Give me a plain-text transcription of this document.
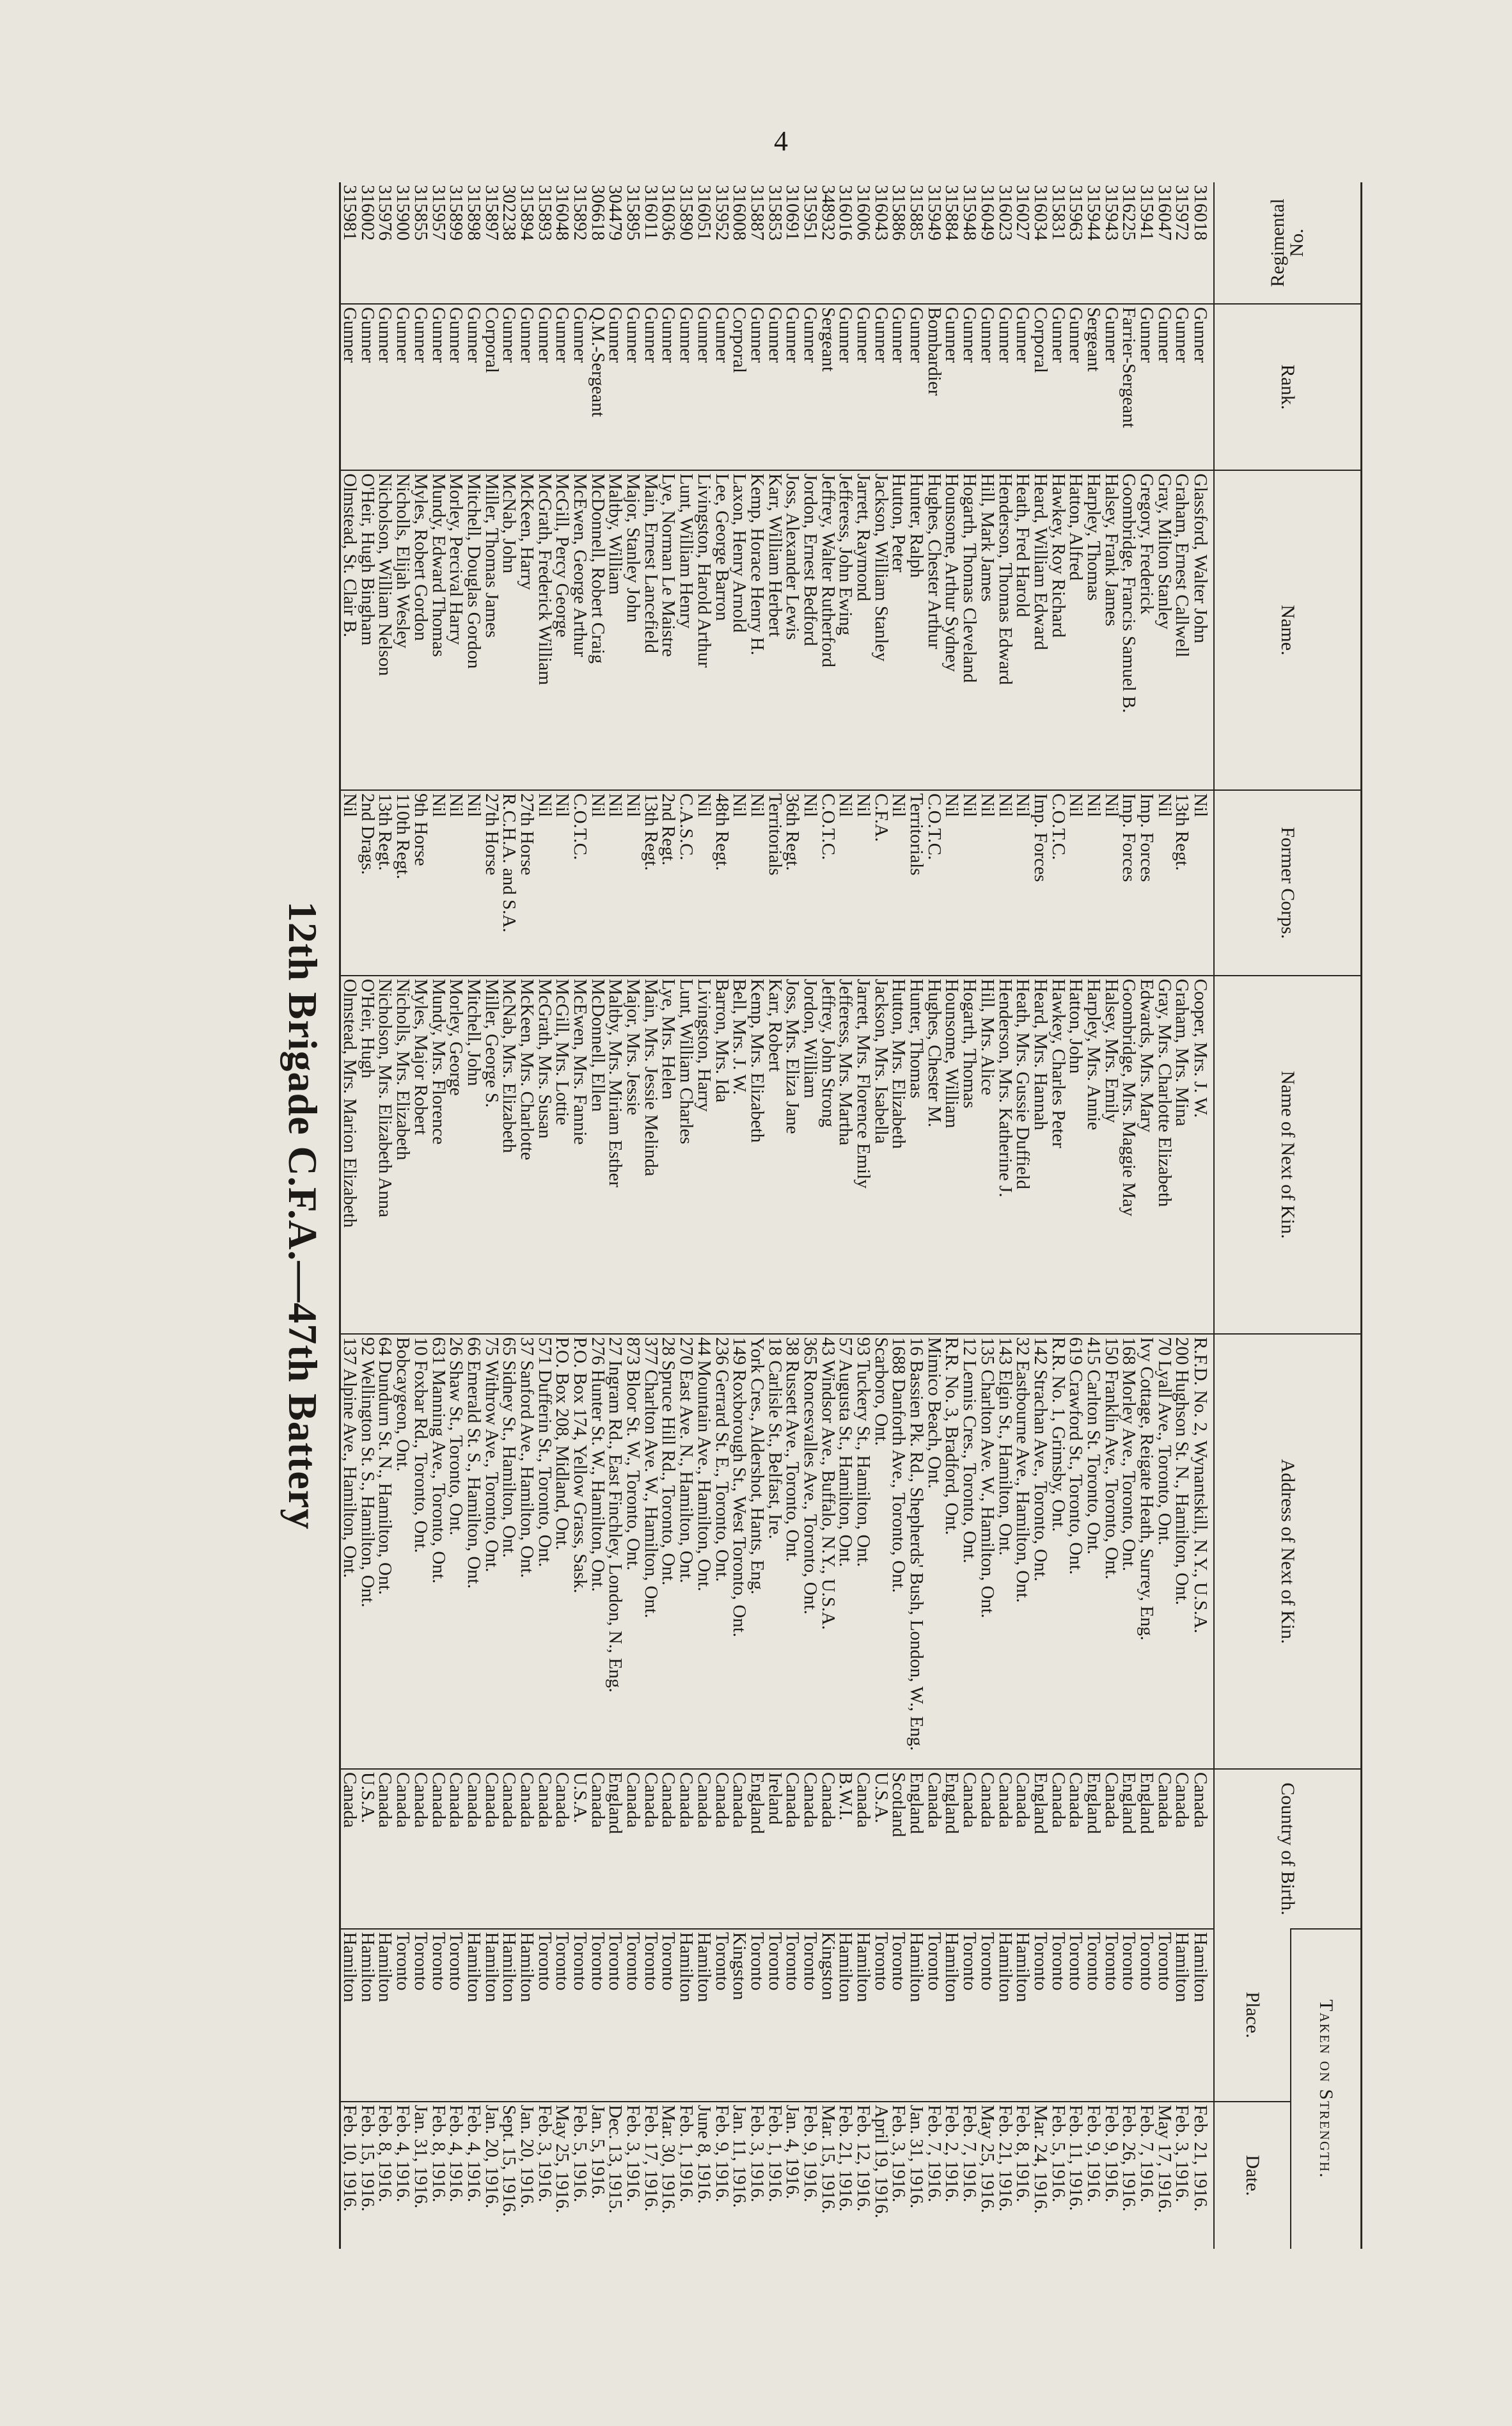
4
Regimental No.	Rank.	Name.	Former Corps.	Name of Next of Kin.	Address of Next of Kin.	Country of Birth.	Taken on Strength.	
							Place.	Date.
316018	Gunner	Glassford, Walter John	Nil	Cooper, Mrs. J. W.	R.F.D. No. 2, Wynantskill, N.Y., U.S.A.	Canada	Hamilton	Feb. 21, 1916.
315972	Gunner	Graham, Ernest Callwell	13th Regt.	Graham, Mrs. Mina	200 Hughson St. N., Hamilton, Ont.	Canada	Hamilton	Feb. 3, 1916.
316047	Gunner	Gray, Milton Stanley	Nil	Gray, Mrs. Charlotte Elizabeth	70 Lyall Ave., Toronto, Ont.	Canada	Toronto	May 17, 1916.
315941	Gunner	Gregory, Frederick	Imp. Forces	Edwards, Mrs. Mary	Ivy Cottage, Reigate Heath, Surrey, Eng.	England	Toronto	Feb. 7, 1916.
316225	Farrier-Sergeant	Goombridge, Francis Samuel B.	Imp. Forces	Goombridge, Mrs. Maggie May	168 Morley Ave., Toronto, Ont.	England	Toronto	Feb. 26, 1916.
315943	Gunner	Halsey, Frank James	Nil	Halsey, Mrs. Emily	150 Franklin Ave., Toronto, Ont.	Canada	Toronto	Feb. 9, 1916.
315944	Sergeant	Harpley, Thomas	Nil	Harpley, Mrs. Annie	415 Carlton St. Toronto, Ont.	England	Toronto	Feb. 9, 1916.
315963	Gunner	Hatton, Alfred	Nil	Hatton, John	619 Crawford St., Toronto, Ont.	Canada	Toronto	Feb. 11, 1916.
315831	Gunner	Hawkey, Roy Richard	C.O.T.C.	Hawkey, Charles Peter	R.R. No. 1, Grimsby, Ont.	Canada	Toronto	Feb. 5, 1916.
316034	Corporal	Heard, William Edward	Imp. Forces	Heard, Mrs. Hannah	142 Strachan Ave., Toronto, Ont.	England	Toronto	Mar. 24, 1916.
316027	Gunner	Heath, Fred Harold	Nil	Heath, Mrs. Gussie Duffield	32 Eastbourne Ave., Hamilton, Ont.	Canada	Hamilton	Feb. 8, 1916.
316023	Gunner	Henderson, Thomas Edward	Nil	Henderson, Mrs. Katherine J.	143 Elgin St., Hamilton, Ont.	Canada	Hamilton	Feb. 21, 1916.
316049	Gunner	Hill, Mark James	Nil	Hill, Mrs. Alice	135 Charlton Ave. W., Hamilton, Ont.	Canada	Toronto	May 25, 1916.
315948	Gunner	Hogarth, Thomas Cleveland	Nil	Hogarth, Thomas	12 Lennis Cres., Toronto, Ont.	Canada	Toronto	Feb. 7, 1916.
315884	Gunner	Hounsome, Arthur Sydney	Nil	Hounsome, William	R.R. No. 3, Bradford, Ont.	England	Hamilton	Feb. 2, 1916.
315949	Bombardier	Hughes, Chester Arthur	C.O.T.C.	Hughes, Chester M.	Mimico Beach, Ont.	Canada	Toronto	Feb. 7, 1916.
315885	Gunner	Hunter, Ralph	Territorials	Hunter, Thomas	16 Bassien Pk. Rd., Shepherds' Bush, London, W., Eng.	England	Hamilton	Jan. 31, 1916.
315886	Gunner	Hutton, Peter	Nil	Hutton, Mrs. Elizabeth	1688 Danforth Ave., Toronto, Ont.	Scotland	Toronto	Feb. 3, 1916.
316043	Gunner	Jackson, William Stanley	C.F.A.	Jackson, Mrs. Isabella	Scarboro, Ont.	U.S.A.	Toronto	April 19, 1916.
316006	Gunner	Jarrett, Raymond	Nil	Jarrett, Mrs. Florence Emily	93 Tuckery St., Hamilton, Ont.	Canada	Hamilton	Feb. 12, 1916.
316016	Gunner	Jefferess, John Ewing	Nil	Jefferess, Mrs. Martha	57 Augusta St., Hamilton, Ont.	B.W.I.	Hamilton	Feb. 21, 1916.
348932	Sergeant	Jeffrey, Walter Rutherford	C.O.T.C.	Jeffrey, John Strong	43 Windsor Ave., Buffalo, N.Y., U.S.A.	Canada	Kingston	Mar. 15, 1916.
315951	Gunner	Jordon, Ernest Bedford	Nil	Jordon, William	365 Roncesvalles Ave., Toronto, Ont.	Canada	Toronto	Feb. 9, 1916.
310691	Gunner	Joss, Alexander Lewis	36th Regt.	Joss, Mrs. Eliza Jane	38 Russett Ave., Toronto, Ont.	Canada	Toronto	Jan. 4, 1916.
315853	Gunner	Karr, William Herbert	Territorials	Karr, Robert	18 Carlisle St., Belfast, Ire.	Ireland	Toronto	Feb. 1, 1916.
315887	Gunner	Kemp, Horace Henry H.	Nil	Kemp, Mrs. Elizabeth	York Cres., Aldershot, Hants, Eng.	England	Toronto	Feb. 3, 1916.
316008	Corporal	Laxon, Henry Arnold	Nil	Bell, Mrs. J. W.	149 Roxborough St., West Toronto, Ont.	Canada	Kingston	Jan. 11, 1916.
315952	Gunner	Lee, George Barron	48th Regt.	Barron, Mrs. Ida	236 Gerrard St. E., Toronto, Ont.	Canada	Toronto	Feb. 9, 1916.
316051	Gunner	Livingston, Harold Arthur	Nil	Livingston, Harry	44 Mountain Ave., Hamilton, Ont.	Canada	Hamilton	June 8, 1916.
315890	Gunner	Lunt, William Henry	C.A.S.C.	Lunt, William Charles	270 East Ave. N., Hamilton, Ont.	Canada	Hamilton	Feb. 1, 1916.
316036	Gunner	Lye, Norman Le Maistre	2nd Regt.	Lye, Mrs. Helen	28 Spruce Hill Rd., Toronto, Ont.	Canada	Toronto	Mar. 30, 1916.
316011	Gunner	Main, Ernest Lancefield	13th Regt.	Main, Mrs. Jessie Melinda	377 Charlton Ave. W., Hamilton, Ont.	Canada	Toronto	Feb. 17, 1916.
315895	Gunner	Major, Stanley John	Nil	Major, Mrs. Jessie	873 Bloor St. W., Toronto, Ont.	Canada	Toronto	Feb. 3, 1916.
304479	Gunner	Maltby, William	Nil	Maltby, Mrs. Miriam Esther	27 Ingram Rd., East Finchley, London, N., Eng.	England	Toronto	Dec. 13, 1915.
306618	Q.M.-Sergeant	McDonnell, Robert Craig	Nil	McDonnell, Ellen	276 Hunter St. W., Hamilton, Ont.	Canada	Toronto	Jan. 5, 1916.
315892	Gunner	McEwen, George Arthur	C.O.T.C.	McEwen, Mrs. Fannie	P.O. Box 174, Yellow Grass, Sask.	U.S.A.	Toronto	Feb. 5, 1916.
316048	Gunner	McGill, Percy George	Nil	McGill, Mrs. Lottie	P.O. Box 208, Midland, Ont.	Canada	Toronto	May 25, 1916.
315893	Gunner	McGrath, Frederick William	Nil	McGrath, Mrs. Susan	571 Dufferin St., Toronto, Ont.	Canada	Toronto	Feb. 3, 1916.
315894	Gunner	McKeen, Harry	27th Horse	McKeen, Mrs. Charlotte	37 Sanford Ave., Hamilton, Ont.	Canada	Hamilton	Jan. 20, 1916.
302238	Gunner	McNab, John	R.C.H.A. and S.A.	McNab, Mrs. Elizabeth	65 Sidney St., Hamilton, Ont.	Canada	Hamilton	Sept. 15, 1916.
315897	Corporal	Miller, Thomas James	27th Horse	Miller, George S.	75 Withrow Ave., Toronto, Ont.	Canada	Hamilton	Jan. 20, 1916.
315898	Gunner	Mitchell, Douglas Gordon	Nil	Mitchell, John	66 Emerald St. S., Hamilton, Ont.	Canada	Hamilton	Feb. 4, 1916.
315899	Gunner	Morley, Percival Harry	Nil	Morley, George	26 Shaw St., Toronto, Ont.	Canada	Toronto	Feb. 4, 1916.
315957	Gunner	Mundy, Edward Thomas	Nil	Mundy, Mrs. Florence	631 Manning Ave., Toronto, Ont.	Canada	Toronto	Feb. 8, 1916.
315855	Gunner	Myles, Robert Gordon	9th Horse	Myles, Major Robert	10 Foxbar Rd., Toronto, Ont.	Canada	Toronto	Jan. 31, 1916.
315900	Gunner	Nicholls, Elijah Wesley	110th Regt.	Nicholls, Mrs. Elizabeth	Bobcaygeon, Ont.	Canada	Toronto	Feb. 4, 1916.
315976	Gunner	Nicholson, William Nelson	13th Regt.	Nicholson, Mrs. Elizabeth Anna	64 Dundurn St. N., Hamilton, Ont.	Canada	Hamilton	Feb. 8, 1916.
316002	Gunner	O'Heir, Hugh Bingham	2nd Drags.	O'Heir, Hugh	92 Wellington St. S., Hamilton, Ont.	U.S.A.	Hamilton	Feb. 15, 1916.
315981	Gunner	Olmstead, St. Clair B.	Nil	Olmstead, Mrs. Marion Elizabeth	137 Alpine Ave., Hamilton, Ont.	Canada	Hamilton	Feb. 10, 1916.
12th Brigade C.F.A.—47th Battery
